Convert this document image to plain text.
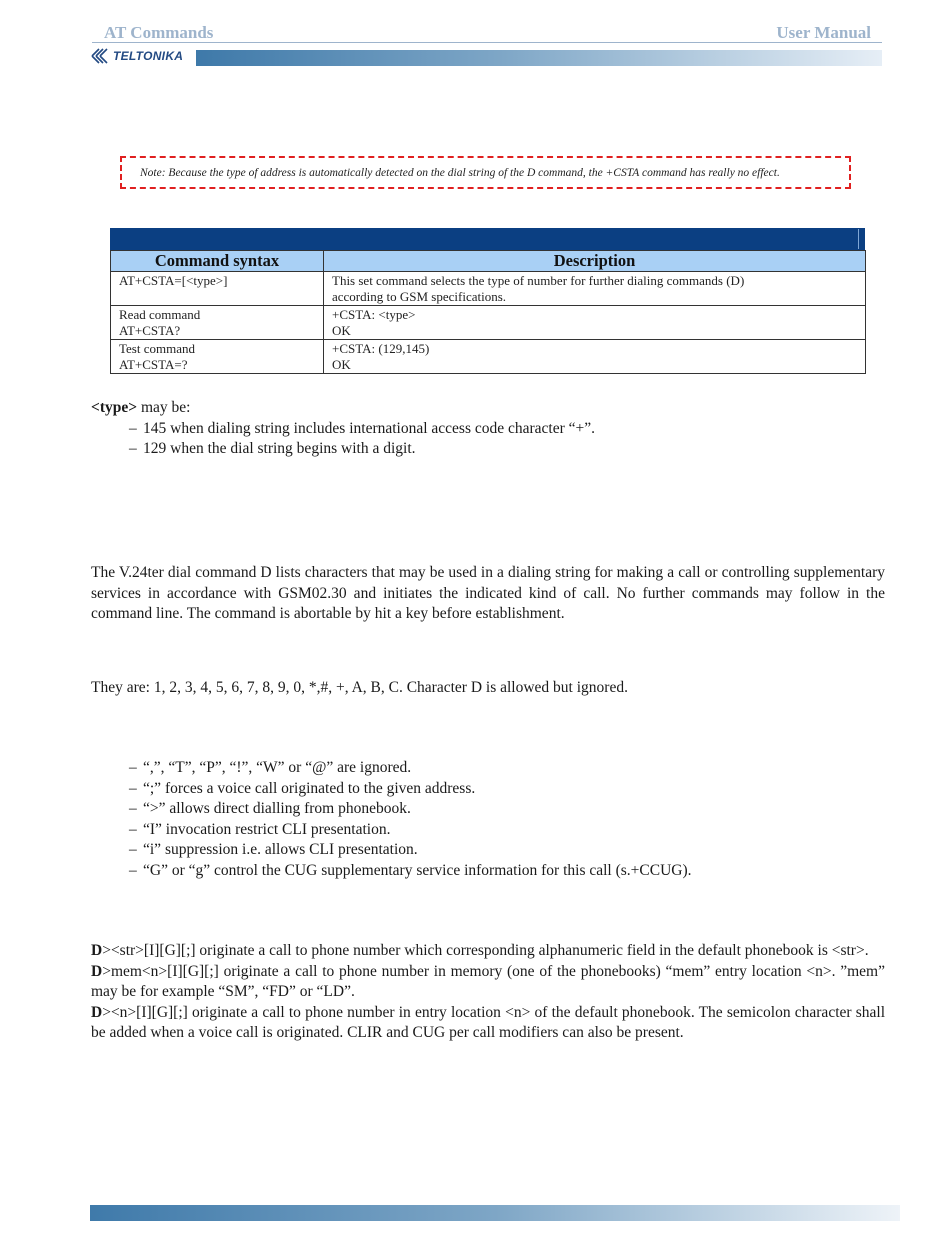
AT Commands	User Manual
TELTONIKA
Note: Because the type of address is automatically detected on the dial string of the D command, the +CSTA command has really no effect.
Command syntax	Description

AT+CSTA=[<type>]	This set command selects the type of number for further dialing commands (D)
according to GSM specifications.

Read command
AT+CSTA?	+CSTA: <type>
OK

Test command
AT+CSTA=?	+CSTA: (129,145)
OK
<type> may be:
– 145 when dialing string includes international access code character “+”.
– 129 when the dial string begins with a digit.
The V.24ter dial command D lists characters that may be used in a dialing string for making a call or controlling supplementary services in accordance with GSM02.30 and initiates the indicated kind of call. No further commands may follow in the command line. The command is abortable by hit a key before establishment.
They are: 1, 2, 3, 4, 5, 6, 7, 8, 9, 0, *,#, +, A, B, C. Character D is allowed but ignored.
– “,”, “T”, “P”, “!”, “W” or “@” are ignored.
– “;” forces a voice call originated to the given address.
– “>” allows direct dialling from phonebook.
– “I” invocation restrict CLI presentation.
– “i” suppression i.e. allows CLI presentation.
– “G” or “g” control the CUG supplementary service information for this call (s.+CCUG).
D><str>[I][G][;] originate a call to phone number which corresponding alphanumeric field in the default phonebook is <str>.
D>mem<n>[I][G][;] originate a call to phone number in memory (one of the phonebooks) “mem” entry location <n>. ”mem” may be for example “SM”, “FD” or “LD”.
D><n>[I][G][;] originate a call to phone number in entry location <n> of the default phonebook. The semicolon character shall be added when a voice call is originated. CLIR and CUG per call modifiers can also be present.
